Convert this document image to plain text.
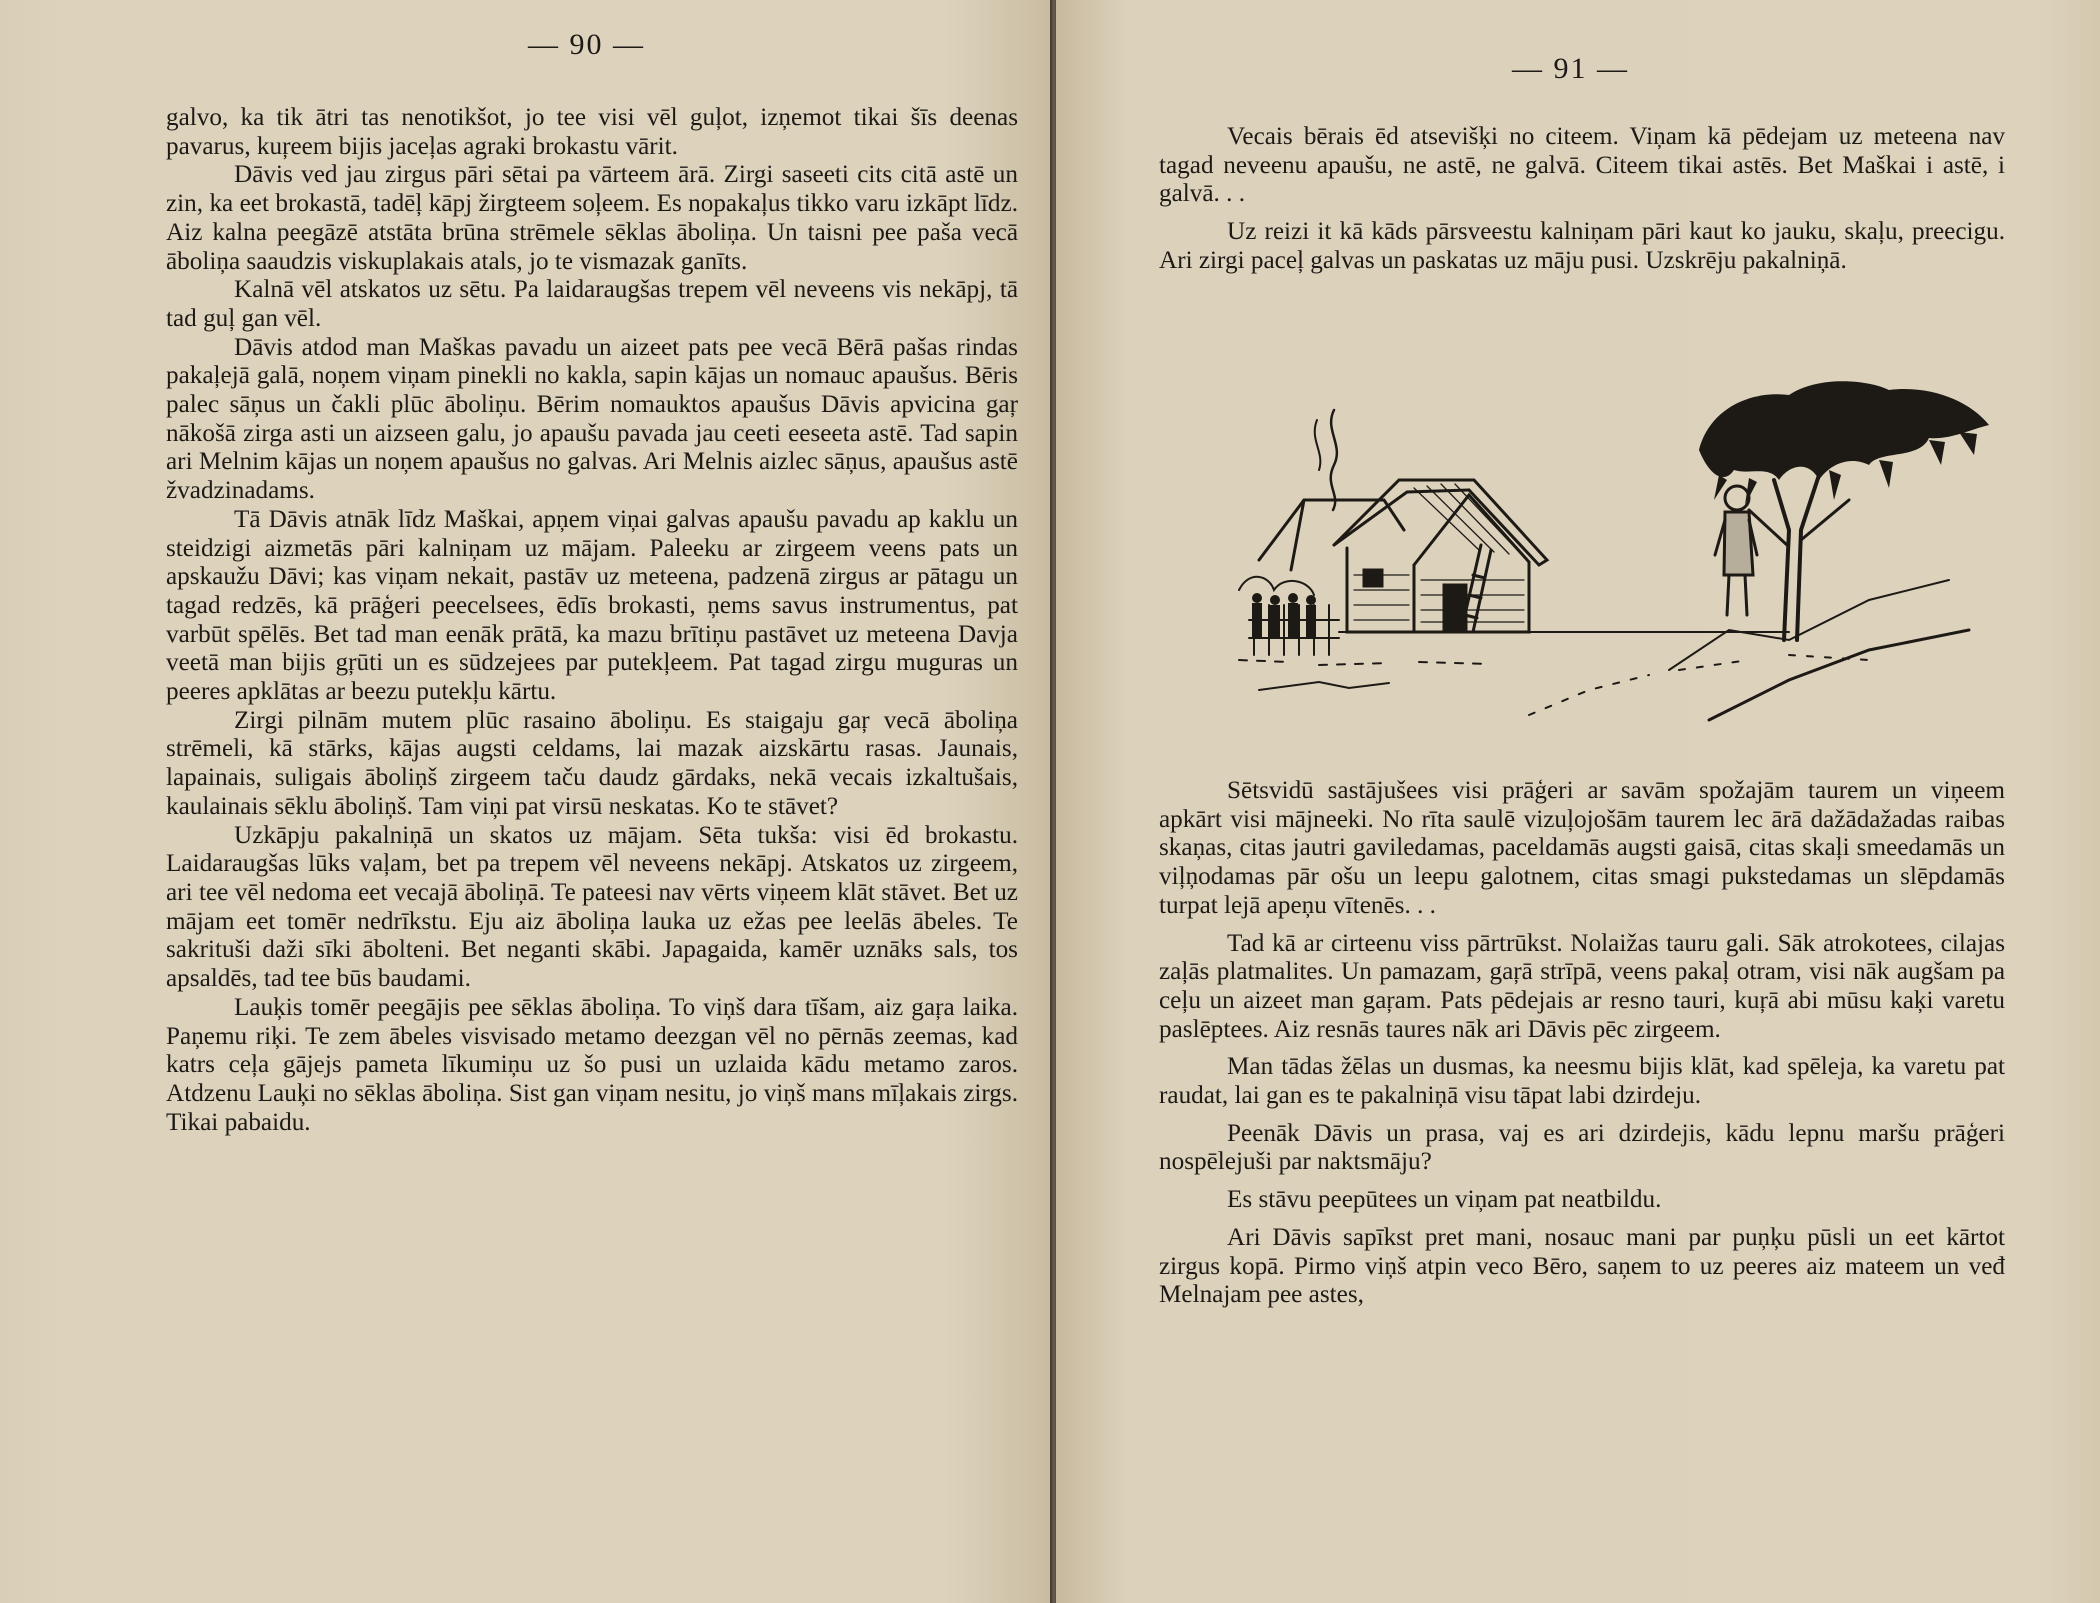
— 90 —

galvo, ka tik ātri tas nenotikšot, jo tee visi vēl guļot, izņemot tikai šīs deenas pavarus, kuŗeem bijis jaceļas agraki brokastu vārit.

Dāvis ved jau zirgus pāri sētai pa vārteem ārā. Zirgi saseeti cits citā astē un zin, ka eet brokastā, tadēļ kāpj žirgteem soļeem. Es nopakaļus tikko varu izkāpt līdz. Aiz kalna peegāzē atstāta brūna strēmele sēklas āboliņa. Un taisni pee paša vecā āboliņa saaudzis viskuplakais atals, jo te vismazak ganīts.

Kalnā vēl atskatos uz sētu. Pa laidaraugšas trepem vēl neveens vis nekāpj, tā tad guļ gan vēl.

Dāvis atdod man Maškas pavadu un aizeet pats pee vecā Bērā pašas rindas pakaļejā galā, noņem viņam pinekli no kakla, sapin kājas un nomauc apaušus. Bēris palec sāņus un čakli plūc āboliņu. Bērim nomauktos apaušus Dāvis apvicina gaŗ nākošā zirga asti un aizseen galu, jo apaušu pavada jau ceeti eeseeta astē. Tad sapin ari Melnim kājas un noņem apaušus no galvas. Ari Melnis aizlec sāņus, apaušus astē žvadzinadams.

Tā Dāvis atnāk līdz Maškai, apņem viņai galvas apaušu pavadu ap kaklu un steidzigi aizmetās pāri kalniņam uz mājam. Paleeku ar zirgeem veens pats un apskaužu Dāvi; kas viņam nekait, pastāv uz meteena, padzenā zirgus ar pātagu un tagad redzēs, kā prāģeri peecelsees, ēdīs brokasti, ņems savus instrumentus, pat varbūt spēlēs. Bet tad man eenāk prātā, ka mazu brītiņu pastāvet uz meteena Davja veetā man bijis gŗūti un es sūdzejees par putekļeem. Pat tagad zirgu muguras un peeres apklātas ar beezu putekļu kārtu.

Zirgi pilnām mutem plūc rasaino āboliņu. Es staigaju gaŗ vecā āboliņa strēmeli, kā stārks, kājas augsti celdams, lai mazak aizskārtu rasas. Jaunais, lapainais, suligais āboliņš zirgeem taču daudz gārdaks, nekā vecais izkaltušais, kaulainais sēklu āboliņš. Tam viņi pat virsū neskatas. Ko te stāvet?

Uzkāpju pakalniņā un skatos uz mājam. Sēta tukša: visi ēd brokastu. Laidaraugšas lūks vaļam, bet pa trepem vēl neveens nekāpj. Atskatos uz zirgeem, ari tee vēl nedoma eet vecajā āboliņā. Te pateesi nav vērts viņeem klāt stāvet. Bet uz mājam eet tomēr nedrīkstu. Eju aiz āboliņa lauka uz ežas pee leelās ābeles. Te sakrituši daži sīki ābolteni. Bet neganti skābi. Japagaida, kamēr uznāks sals, tos apsaldēs, tad tee būs baudami.

Lauķis tomēr peegājis pee sēklas āboliņa. To viņš dara tīšam, aiz gaŗa laika. Paņemu riķi. Te zem ābeles visvisado metamo deezgan vēl no pērnās zeemas, kad katrs ceļa gājejs pameta līkumiņu uz šo pusi un uzlaida kādu metamo zaros. Atdzenu Lauķi no sēklas āboliņa. Sist gan viņam nesitu, jo viņš mans mīļakais zirgs. Tikai pabaidu.

— 91 —

Vecais bērais ēd atsevišķi no citeem. Viņam kā pēdejam uz meteena nav tagad neveenu apaušu, ne astē, ne galvā. Citeem tikai astēs. Bet Maškai i astē, i galvā. . .

Uz reizi it kā kāds pārsveestu kalniņam pāri kaut ko jauku, skaļu, preecigu. Ari zirgi paceļ galvas un paskatas uz māju pusi. Uzskrēju pakalniņā.

Sētsvidū sastājušees visi prāģeri ar savām spožajām taurem un viņeem apkārt visi mājneeki. No rīta saulē vizuļojošām taurem lec ārā dažādažadas raibas skaņas, citas jautri gaviledamas, paceldamās augsti gaisā, citas skaļi smeedamās un viļņodamas pār ošu un leepu galotnem, citas smagi pukstedamas un slēpdamās turpat lejā apeņu vītenēs. . .

Tad kā ar cirteenu viss pārtrūkst. Nolaižas tauru gali. Sāk atrokotees, cilajas zaļās platmalites. Un pamazam, gaŗā strīpā, veens pakaļ otram, visi nāk augšam pa ceļu un aizeet man gaŗam. Pats pēdejais ar resno tauri, kuŗā abi mūsu kaķi varetu paslēptees. Aiz resnās taures nāk ari Dāvis pēc zirgeem.

Man tādas žēlas un dusmas, ka neesmu bijis klāt, kad spēleja, ka varetu pat raudat, lai gan es te pakalniņā visu tāpat labi dzirdeju.

Peenāk Dāvis un prasa, vaj es ari dzirdejis, kādu lepnu maršu prāģeri nospēlejuši par naktsmāju?

Es stāvu peepūtees un viņam pat neatbildu.

Ari Dāvis sapīkst pret mani, nosauc mani par puņķu pūsli un eet kārtot zirgus kopā. Pirmo viņš atpin veco Bēro, saņem to uz peeres aiz mateem un veđ Melnajam pee astes,
